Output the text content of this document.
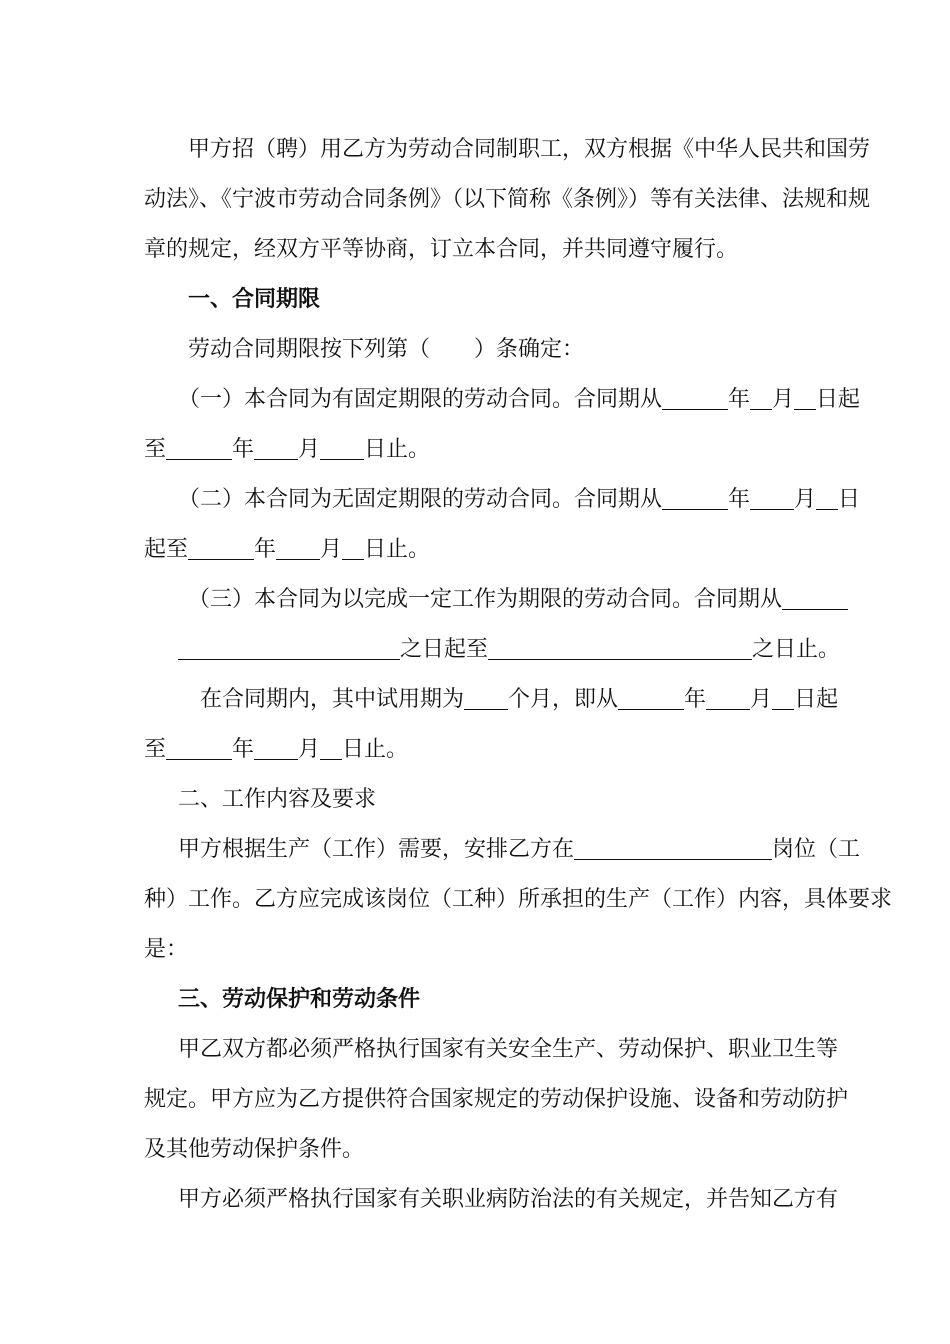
甲方招（聘）用乙方为劳动合同制职工，双方根据《中华人民共和国劳
动法》、《宁波市劳动合同条例》（以下简称《条例》）等有关法律、法规和规
章的规定，经双方平等协商，订立本合同，并共同遵守履行。
一、合同期限
劳动合同期限按下列第（　　）条确定：
（一）本合同为有固定期限的劳动合同。合同期从	年 月 日起
至	年 月 日止。
（二）本合同为无固定期限的劳动合同。合同期从	年 月 日
起至	年 月 日止。
（三）本合同为以完成一定工作为期限的劳动合同。合同期从
之日起至	之日止。
在合同期内，其中试用期为 个月，即从	年 月 日起
至	年 月 日止。
二、工作内容及要求
甲方根据生产（工作）需要，安排乙方在	岗位（工
种）工作。乙方应完成该岗位（工种）所承担的生产（工作）内容，具体要求
是：
三、劳动保护和劳动条件
甲乙双方都必须严格执行国家有关安全生产、劳动保护、职业卫生等
规定。甲方应为乙方提供符合国家规定的劳动保护设施、设备和劳动防护
及其他劳动保护条件。
甲方必须严格执行国家有关职业病防治法的有关规定，并告知乙方有
